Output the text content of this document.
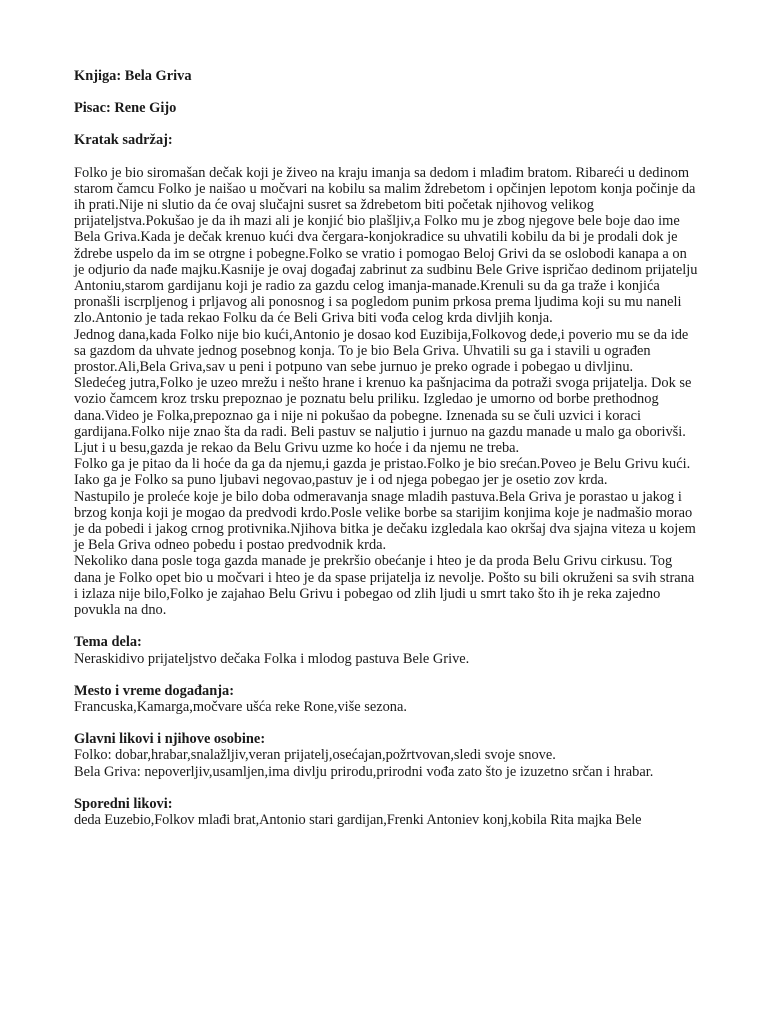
Knjiga: Bela Griva

Pisac: Rene Gijo

Kratak sadržaj:

Folko je bio siromašan dečak koji je živeo na kraju imanja sa dedom i mlađim bratom. Ribareći u dedinom starom čamcu Folko je naišao u močvari na kobilu sa malim ždrebetom i opčinjen lepotom konja počinje da ih prati.Nije ni slutio da će ovaj slučajni susret sa ždrebetom biti početak njihovog velikog prijateljstva.Pokušao je da ih mazi ali je konjić bio plašljiv,a Folko mu je zbog njegove bele boje dao ime Bela Griva.Kada je dečak krenuo kući dva čergara-konjokradice su uhvatili kobilu da bi je prodali dok je ždrebe uspelo da im se otrgne i pobegne.Folko se vratio i pomogao Beloj Grivi da se oslobodi kanapa a on je odjurio da nađe majku.Kasnije je ovaj događaj zabrinut za sudbinu Bele Grive ispričao dedinom prijatelju Antoniu,starom gardijanu koji je radio za gazdu celog imanja-manade.Krenuli su da ga traže i konjića pronašli iscrpljenog i prljavog ali ponosnog i sa pogledom punim prkosa prema ljudima koji su mu naneli zlo.Antonio je tada rekao Folku da će Beli Griva biti vođa celog krda divljih konja.

Jednog dana,kada Folko nije bio kući,Antonio je dosao kod Euzibija,Folkovog dede,i poverio mu se da ide sa gazdom da uhvate jednog posebnog konja. To je bio Bela Griva. Uhvatili su ga i stavili u ograđen prostor.Ali,Bela Griva,sav u peni i potpuno van sebe jurnuo je preko ograde i pobegao u divljinu.

Sledećeg jutra,Folko je uzeo mrežu i nešto hrane i krenuo ka pašnjacima da potraži svoga prijatelja. Dok se vozio čamcem kroz trsku prepoznao je poznatu belu priliku. Izgledao je umorno od borbe prethodnog dana.Video je Folka,prepoznao ga i nije ni pokušao da pobegne. Iznenada su se čuli uzvici i koraci gardijana.Folko nije znao šta da radi. Beli pastuv se naljutio i jurnuo na gazdu manade u malo ga oborivši. Ljut i u besu,gazda je rekao da Belu Grivu uzme ko hoće i da njemu ne treba.

Folko ga je pitao da li hoće da ga da njemu,i gazda je pristao.Folko je bio srećan.Poveo je Belu Grivu kući. Iako ga je Folko sa puno ljubavi negovao,pastuv je i od njega pobegao jer je osetio zov krda.

Nastupilo je proleće koje je bilo doba odmeravanja snage mladih pastuva.Bela Griva je porastao u jakog i brzog konja koji je mogao da predvodi krdo.Posle velike borbe sa starijim konjima koje je nadmašio morao je da pobedi i jakog crnog protivnika.Njihova bitka je dečaku izgledala kao okršaj dva sjajna viteza u kojem je Bela Griva odneo pobedu i postao predvodnik krda.

Nekoliko dana posle toga gazda manade je prekršio obećanje i hteo je da proda Belu Grivu cirkusu. Tog dana je Folko opet bio u močvari i hteo je da spase prijatelja iz nevolje. Pošto su bili okruženi sa svih strana i izlaza nije bilo,Folko je zajahao Belu Grivu i pobegao od zlih ljudi u smrt tako što ih je reka zajedno povukla na dno.

Tema dela:

Neraskidivo prijateljstvo dečaka Folka i mlodog pastuva Bele Grive.

Mesto i vreme događanja:

Francuska,Kamarga,močvare ušća reke Rone,više sezona.

Glavni likovi i njihove osobine:

Folko: dobar,hrabar,snalažljiv,veran prijatelj,osećajan,požrtvovan,sledi svoje snove.

Bela Griva: nepoverljiv,usamljen,ima divlju prirodu,prirodni vođa zato što je izuzetno srčan i hrabar.

Sporedni likovi:

deda Euzebio,Folkov mlađi brat,Antonio stari gardijan,Frenki Antoniev konj,kobila Rita majka Bele
